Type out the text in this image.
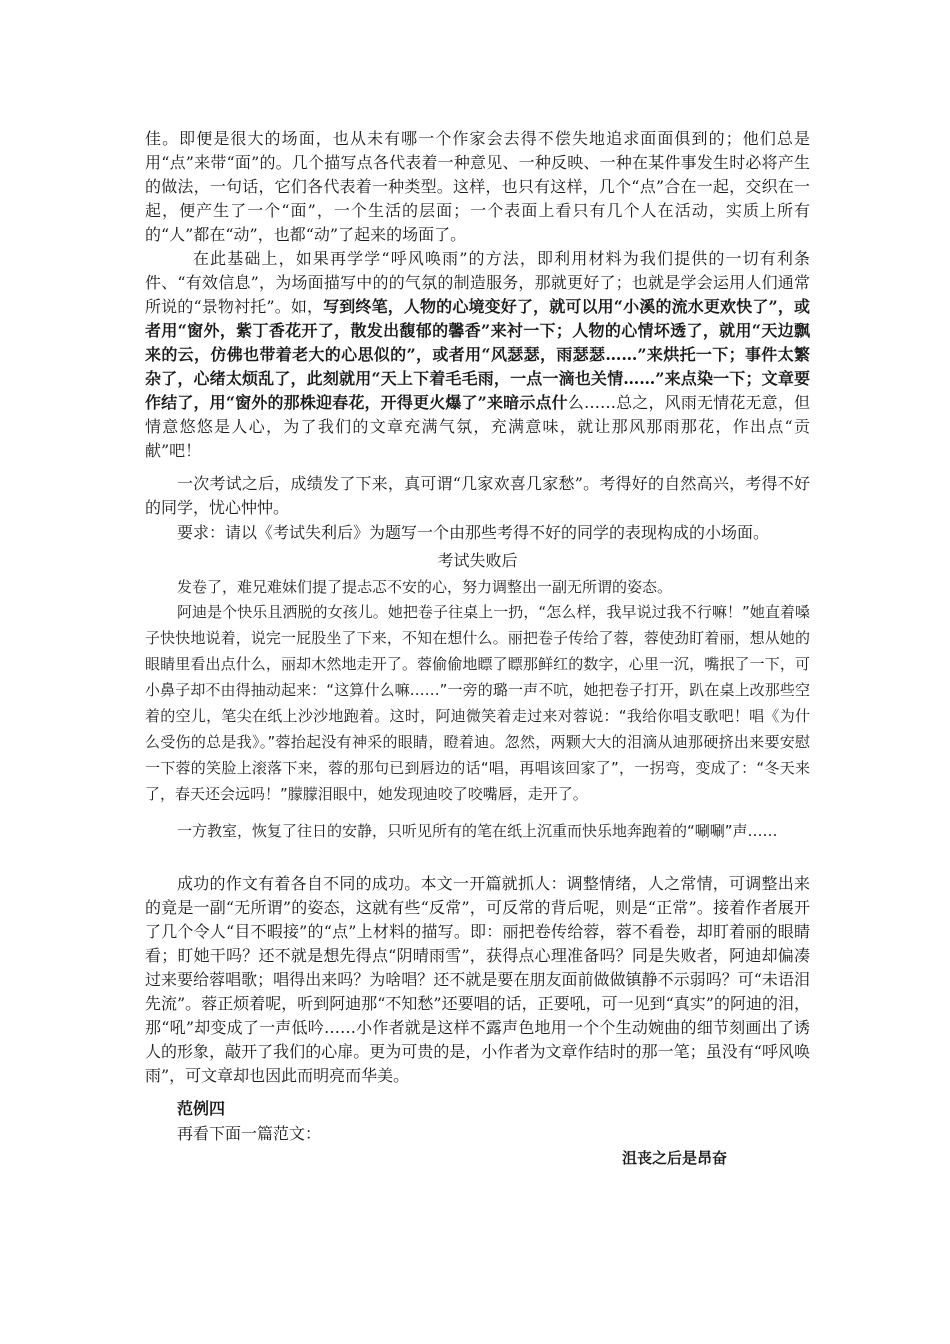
佳。即便是很大的场面，也从未有哪一个作家会去得不偿失地追求面面俱到的；他们总是用“点”来带“面”的。几个描写点各代表着一种意见、一种反映、一种在某件事发生时必将产生的做法，一句话，它们各代表着一种类型。这样，也只有这样，几个“点”合在一起，交织在一起，便产生了一个“面”，一个生活的层面；一个表面上看只有几个人在活动，实质上所有的“人”都在“动”，也都“动”了起来的场面了。

在此基础上，如果再学学“呼风唤雨”的方法，即利用材料为我们提供的一切有利条件、“有效信息”，为场面描写中的的气氛的制造服务，那就更好了；也就是学会运用人们通常所说的“景物衬托”。如，写到终笔，人物的心境变好了，就可以用“小溪的流水更欢快了”，或者用“窗外，紫丁香花开了，散发出馥郁的馨香”来衬一下；人物的心情坏透了，就用“天边飘来的云，仿佛也带着老大的心思似的”，或者用“风瑟瑟，雨瑟瑟……”来烘托一下；事件太繁杂了，心绪太烦乱了，此刻就用“天上下着毛毛雨，一点一滴也关情……”来点染一下；文章要作结了，用“窗外的那株迎春花，开得更火爆了”来暗示点什么……总之，风雨无情花无意，但情意悠悠是人心，为了我们的文章充满气氛，充满意味，就让那风那雨那花，作出点“贡献”吧！

一次考试之后，成绩发了下来，真可谓“几家欢喜几家愁”。考得好的自然高兴，考得不好的同学，忧心忡忡。

要求：请以《考试失利后》为题写一个由那些考得不好的同学的表现构成的小场面。

考试失败后

发卷了，难兄难妹们提了提忐忑不安的心，努力调整出一副无所谓的姿态。

阿迪是个快乐且洒脱的女孩儿。她把卷子往桌上一扔，“怎么样，我早说过我不行嘛！”她直着嗓子快快地说着，说完一屁股坐了下来，不知在想什么。丽把卷子传给了蓉，蓉使劲盯着丽，想从她的眼睛里看出点什么，丽却木然地走开了。蓉偷偷地瞟了瞟那鲜红的数字，心里一沉，嘴抿了一下，可小鼻子却不由得抽动起来：“这算什么嘛……”一旁的璐一声不吭，她把卷子打开，趴在桌上改那些空着的空儿，笔尖在纸上沙沙地跑着。这时，阿迪微笑着走过来对蓉说：“我给你唱支歌吧！唱《为什么受伤的总是我》。”蓉抬起没有神采的眼睛，瞪着迪。忽然，两颗大大的泪滴从迪那硬挤出来要安慰一下蓉的笑脸上滚落下来，蓉的那句已到唇边的话“唱，再唱该回家了”，一拐弯，变成了：“冬天来了，春天还会远吗！”朦朦泪眼中，她发现迪咬了咬嘴唇，走开了。

一方教室，恢复了往日的安静，只听见所有的笔在纸上沉重而快乐地奔跑着的“唰唰”声……

成功的作文有着各自不同的成功。本文一开篇就抓人：调整情绪，人之常情，可调整出来的竟是一副“无所谓”的姿态，这就有些“反常”，可反常的背后呢，则是“正常”。接着作者展开了几个令人“目不暇接”的“点”上材料的描写。即：丽把卷传给蓉，蓉不看卷，却盯着丽的眼睛看；盯她干吗？还不就是想先得点“阴晴雨雪”，获得点心理准备吗？同是失败者，阿迪却偏凑过来要给蓉唱歌；唱得出来吗？为啥唱？还不就是要在朋友面前做做镇静不示弱吗？可“未语泪先流”。蓉正烦着呢，听到阿迪那“不知愁”还要唱的话，正要吼，可一见到“真实”的阿迪的泪，那“吼”却变成了一声低吟……小作者就是这样不露声色地用一个个生动婉曲的细节刻画出了诱人的形象，敲开了我们的心扉。更为可贵的是，小作者为文章作结时的那一笔；虽没有“呼风唤雨”，可文章却也因此而明亮而华美。

范例四

再看下面一篇范文：

沮丧之后是昂奋
